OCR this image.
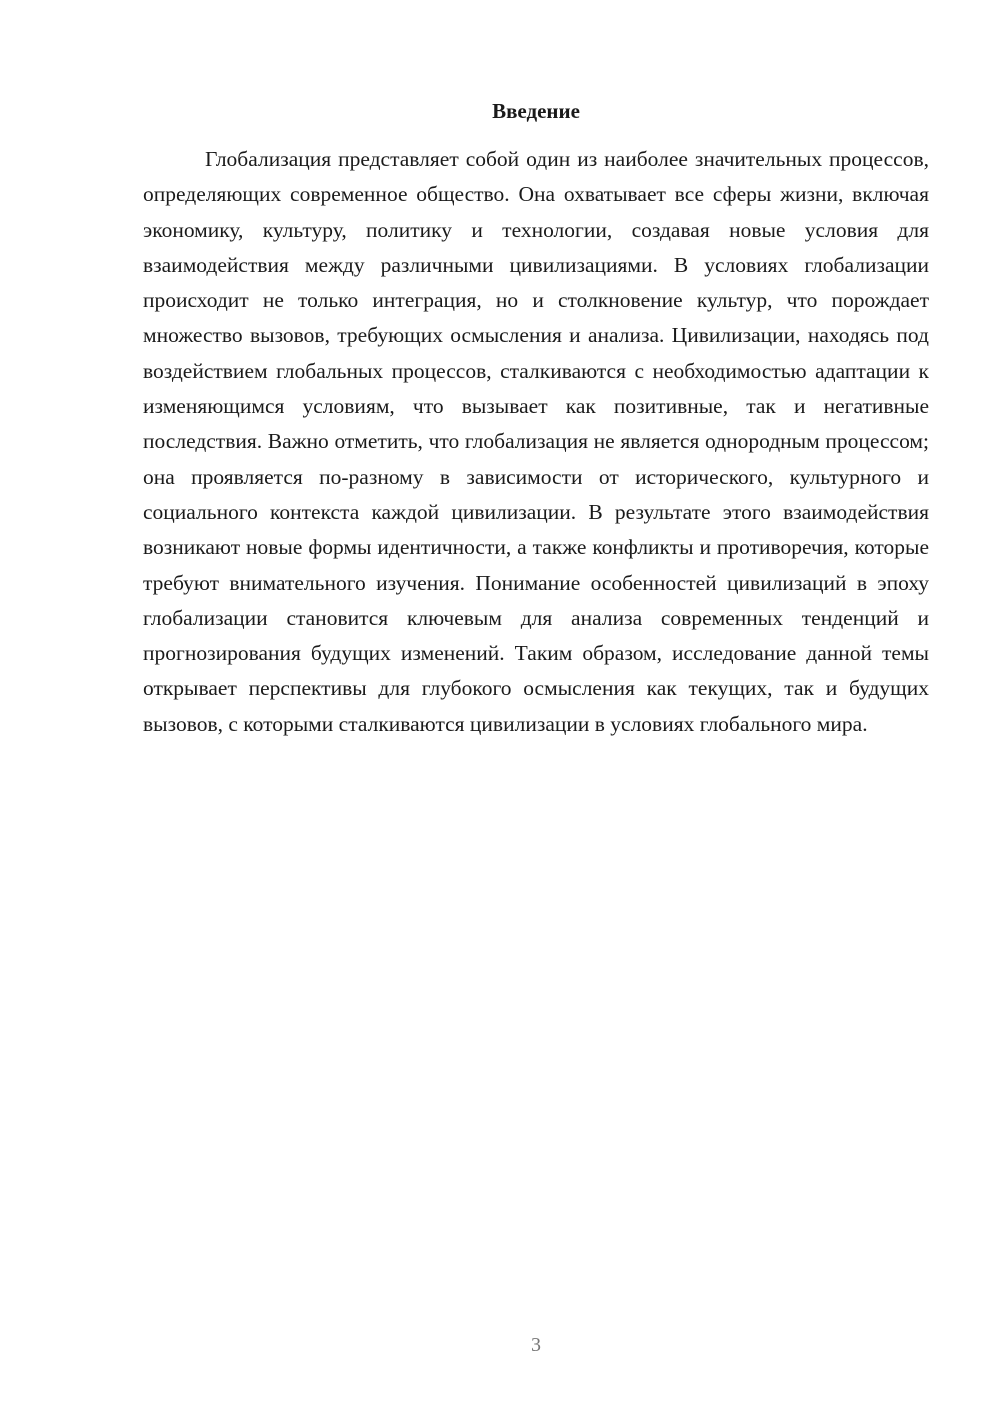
Введение

Глобализация представляет собой один из наиболее значительных процессов, определяющих современное общество. Она охватывает все сферы жизни, включая экономику, культуру, политику и технологии, создавая новые условия для взаимодействия между различными цивилизациями. В условиях глобализации происходит не только интеграция, но и столкновение культур, что порождает множество вызовов, требующих осмысления и анализа. Цивилизации, находясь под воздействием глобальных процессов, сталкиваются с необходимостью адаптации к изменяющимся условиям, что вызывает как позитивные, так и негативные последствия. Важно отметить, что глобализация не является однородным процессом; она проявляется по-разному в зависимости от исторического, культурного и социального контекста каждой цивилизации. В результате этого взаимодействия возникают новые формы идентичности, а также конфликты и противоречия, которые требуют внимательного изучения. Понимание особенностей цивилизаций в эпоху глобализации становится ключевым для анализа современных тенденций и прогнозирования будущих изменений. Таким образом, исследование данной темы открывает перспективы для глубокого осмысления как текущих, так и будущих вызовов, с которыми сталкиваются цивилизации в условиях глобального мира.

3
